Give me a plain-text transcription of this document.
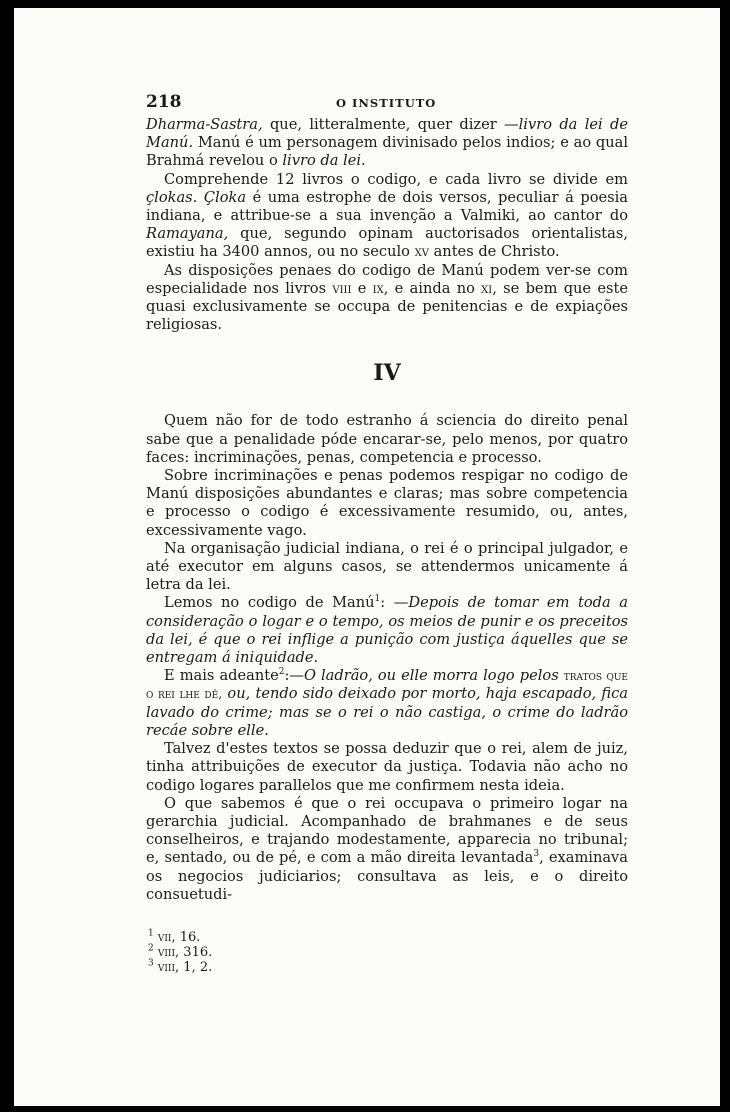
218	O INSTITUTO

Dharma-Sastra, que, litteralmente, quer dizer —livro da lei de Manú. Manú é um personagem divinisado pelos indios; e ao qual Brahmá revelou o livro da lei.

Comprehende 12 livros o codigo, e cada livro se divide em çlokas. Çloka é uma estrophe de dois versos, peculiar á poesia indiana, e attribue-se a sua invenção a Valmiki, ao cantor do Ramayana, que, segundo opinam auctorisados orientalistas, existiu ha 3400 annos, ou no seculo xv antes de Christo.

As disposições penaes do codigo de Manú podem ver-se com especialidade nos livros viii e ix, e ainda no xi, se bem que este quasi exclusivamente se occupa de penitencias e de expiações religiosas.

IV

Quem não for de todo estranho á sciencia do direito penal sabe que a penalidade póde encarar-se, pelo menos, por quatro faces: incriminações, penas, competencia e processo.

Sobre incriminações e penas podemos respigar no codigo de Manú disposições abundantes e claras; mas sobre competencia e processo o codigo é excessivamente resumido, ou, antes, excessivamente vago.

Na organisação judicial indiana, o rei é o principal julgador, e até executor em alguns casos, se attendermos unicamente á letra da lei.

Lemos no codigo de Manú$^1$: —Depois de tomar em toda a consideração o logar e o tempo, os meios de punir e os preceitos da lei, é que o rei inflige a punição com justiça áquelles que se entregam á iniquidade.

E mais adeante$^2$:—O ladrão, ou elle morra logo pelos tratos que o rei lhe dê, ou, tendo sido deixado por morto, haja escapado, fica lavado do crime; mas se o rei o não castiga, o crime do ladrão recáe sobre elle.

Talvez d'estes textos se possa deduzir que o rei, alem de juiz, tinha attribuições de executor da justiça. Todavia não acho no codigo logares parallelos que me confirmem nesta ideia.

O que sabemos é que o rei occupava o primeiro logar na gerarchia judicial. Acompanhado de brahmanes e de seus conselheiros, e trajando modestamente, apparecia no tribunal; e, sentado, ou de pé, e com a mão direita levantada$^3$, examinava os negocios judiciarios; consultava as leis, e o direito consuetudi-

$^1$ vii, 16.
$^2$ viii, 316.
$^3$ viii, 1, 2.
